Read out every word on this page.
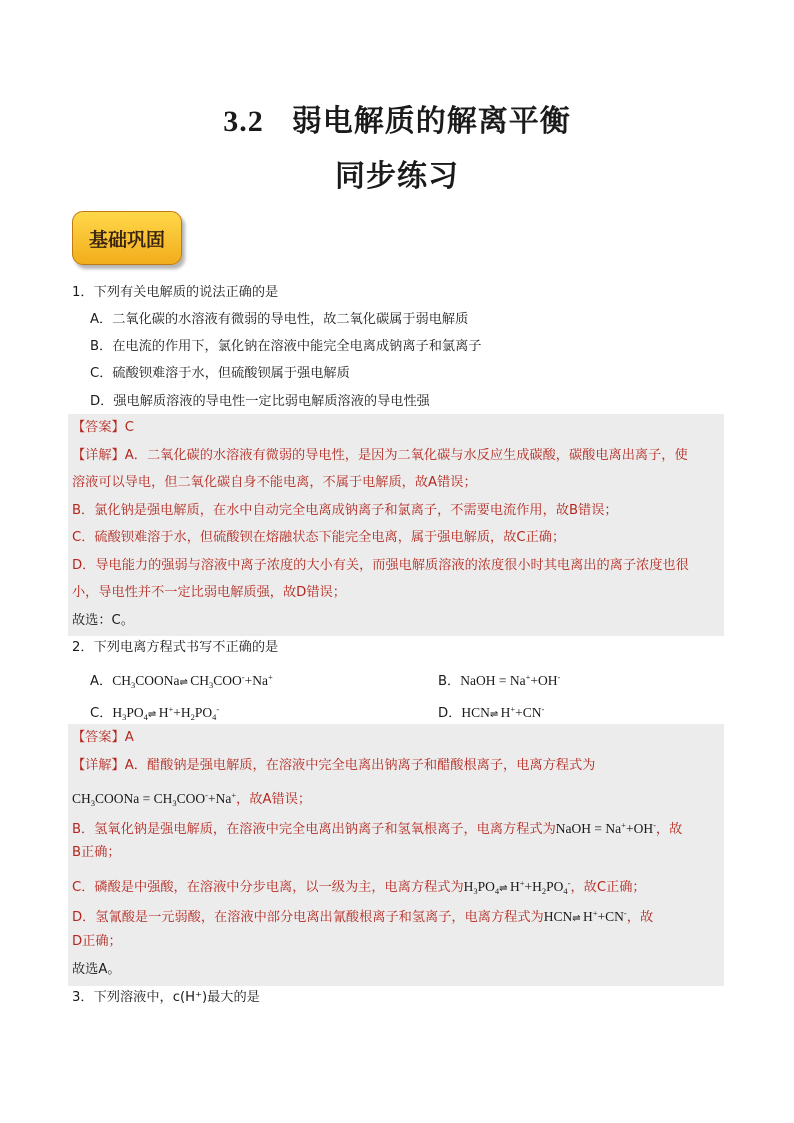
3.2 弱电解质的解离平衡
同步练习
基础巩固
1．下列有关电解质的说法正确的是
A．二氧化碳的水溶液有微弱的导电性，故二氧化碳属于弱电解质
B．在电流的作用下，氯化钠在溶液中能完全电离成钠离子和氯离子
C．硫酸钡难溶于水，但硫酸钡属于强电解质
D．强电解质溶液的导电性一定比弱电解质溶液的导电性强
【答案】C
【详解】A．二氧化碳的水溶液有微弱的导电性，是因为二氧化碳与水反应生成碳酸，碳酸电离出离子，使
溶液可以导电，但二氧化碳自身不能电离，不属于电解质，故A错误；
B．氯化钠是强电解质，在水中自动完全电离成钠离子和氯离子，不需要电流作用，故B错误；
C．硫酸钡难溶于水，但硫酸钡在熔融状态下能完全电离，属于强电解质，故C正确；
D．导电能力的强弱与溶液中离子浓度的大小有关，而强电解质溶液的浓度很小时其电离出的离子浓度也很
小，导电性并不一定比弱电解质强，故D错误；
故选：C。
2．下列电离方程式书写不正确的是
A．$CH_3COONa\rightleftharpoons$ $CH_3COO^-+Na^+$	B．NaOH = Na++OH-
C．$H_3PO_4\rightleftharpoons$ $H^++H_2PO_4^-$	D．HCN⇌ H++CN-
【答案】A
【详解】A．醋酸钠是强电解质，在溶液中完全电离出钠离子和醋酸根离子，电离方程式为
$CH_3COONa = CH_3COO^-+Na^+$，故A错误；
B．氢氧化钠是强电解质，在溶液中完全电离出钠离子和氢氧根离子，电离方程式为NaOH = Na++OH-，故
B正确；
C．磷酸是中强酸，在溶液中分步电离，以一级为主，电离方程式为$H_3PO_4\rightleftharpoons$ $H^++H_2PO_4^-$，故C正确；
D．氢氰酸是一元弱酸，在溶液中部分电离出氰酸根离子和氢离子，电离方程式为HCN⇌ H++CN-，故
D正确；
故选A。
3．下列溶液中，c(H⁺)最大的是
